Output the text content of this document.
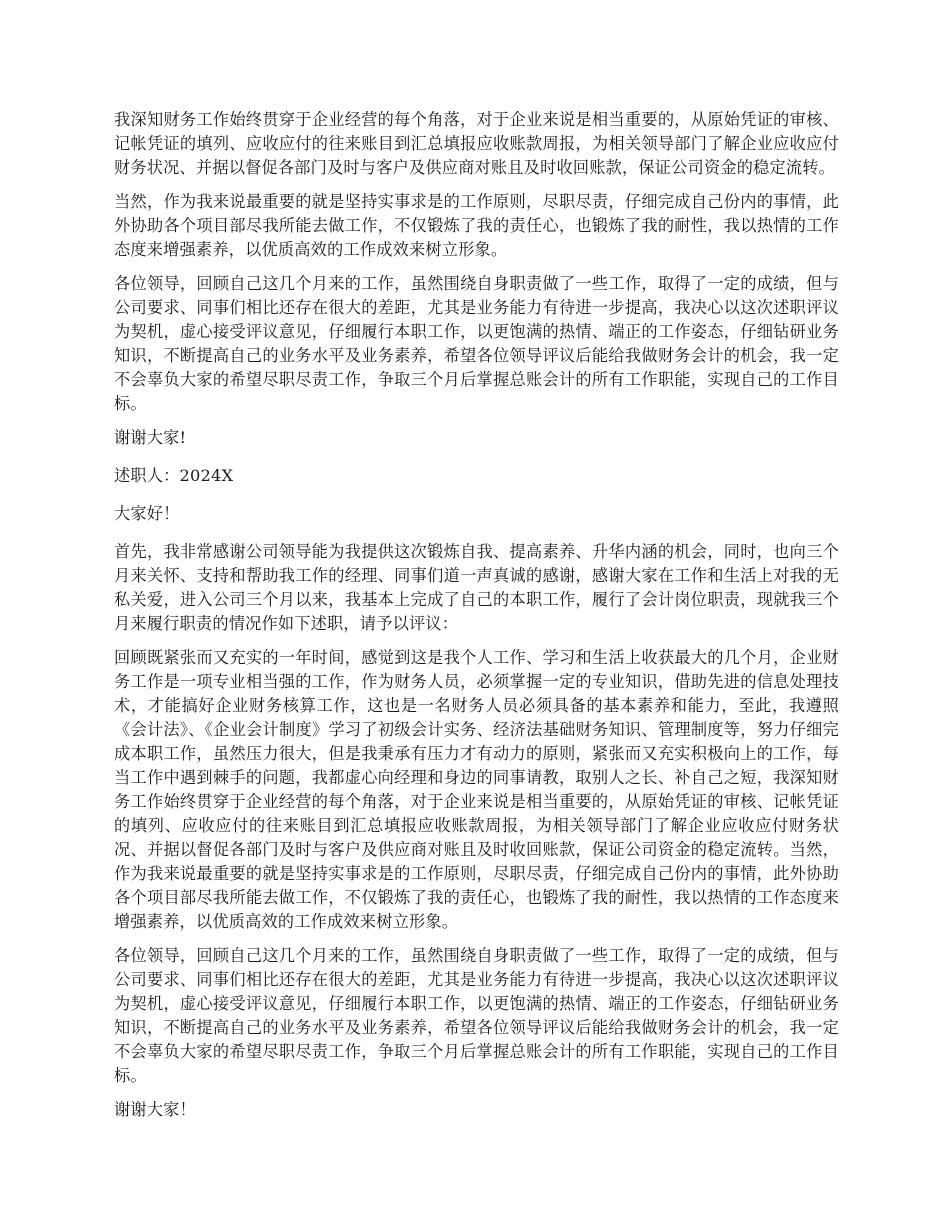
我深知财务工作始终贯穿于企业经营的每个角落，对于企业来说是相当重要的，从原始凭证的审核、记帐凭证的填列、应收应付的往来账目到汇总填报应收账款周报，为相关领导部门了解企业应收应付财务状况、并据以督促各部门及时与客户及供应商对账且及时收回账款，保证公司资金的稳定流转。

当然，作为我来说最重要的就是坚持实事求是的工作原则，尽职尽责，仔细完成自己份内的事情，此外协助各个项目部尽我所能去做工作，不仅锻炼了我的责任心，也锻炼了我的耐性，我以热情的工作态度来增强素养，以优质高效的工作成效来树立形象。

各位领导，回顾自己这几个月来的工作，虽然围绕自身职责做了一些工作，取得了一定的成绩，但与公司要求、同事们相比还存在很大的差距，尤其是业务能力有待进一步提高，我决心以这次述职评议为契机，虚心接受评议意见，仔细履行本职工作，以更饱满的热情、端正的工作姿态，仔细钻研业务知识，不断提高自己的业务水平及业务素养，希望各位领导评议后能给我做财务会计的机会，我一定不会辜负大家的希望尽职尽责工作，争取三个月后掌握总账会计的所有工作职能，实现自己的工作目标。

谢谢大家!

述职人：2024X

大家好！

首先，我非常感谢公司领导能为我提供这次锻炼自我、提高素养、升华内涵的机会，同时，也向三个月来关怀、支持和帮助我工作的经理、同事们道一声真诚的感谢，感谢大家在工作和生活上对我的无私关爱，进入公司三个月以来，我基本上完成了自己的本职工作，履行了会计岗位职责，现就我三个月来履行职责的情况作如下述职，请予以评议：

回顾既紧张而又充实的一年时间，感觉到这是我个人工作、学习和生活上收获最大的几个月，企业财务工作是一项专业相当强的工作，作为财务人员，必须掌握一定的专业知识，借助先进的信息处理技术，才能搞好企业财务核算工作，这也是一名财务人员必须具备的基本素养和能力，至此，我遵照《会计法》、《企业会计制度》学习了初级会计实务、经济法基础财务知识、管理制度等，努力仔细完成本职工作，虽然压力很大，但是我秉承有压力才有动力的原则，紧张而又充实积极向上的工作，每当工作中遇到棘手的问题，我都虚心向经理和身边的同事请教，取别人之长、补自己之短，我深知财务工作始终贯穿于企业经营的每个角落，对于企业来说是相当重要的，从原始凭证的审核、记帐凭证的填列、应收应付的往来账目到汇总填报应收账款周报，为相关领导部门了解企业应收应付财务状况、并据以督促各部门及时与客户及供应商对账且及时收回账款，保证公司资金的稳定流转。当然，作为我来说最重要的就是坚持实事求是的工作原则，尽职尽责，仔细完成自己份内的事情，此外协助各个项目部尽我所能去做工作，不仅锻炼了我的责任心，也锻炼了我的耐性，我以热情的工作态度来增强素养，以优质高效的工作成效来树立形象。

各位领导，回顾自己这几个月来的工作，虽然围绕自身职责做了一些工作，取得了一定的成绩，但与公司要求、同事们相比还存在很大的差距，尤其是业务能力有待进一步提高，我决心以这次述职评议为契机，虚心接受评议意见，仔细履行本职工作，以更饱满的热情、端正的工作姿态，仔细钻研业务知识，不断提高自己的业务水平及业务素养，希望各位领导评议后能给我做财务会计的机会，我一定不会辜负大家的希望尽职尽责工作，争取三个月后掌握总账会计的所有工作职能，实现自己的工作目标。

谢谢大家！
